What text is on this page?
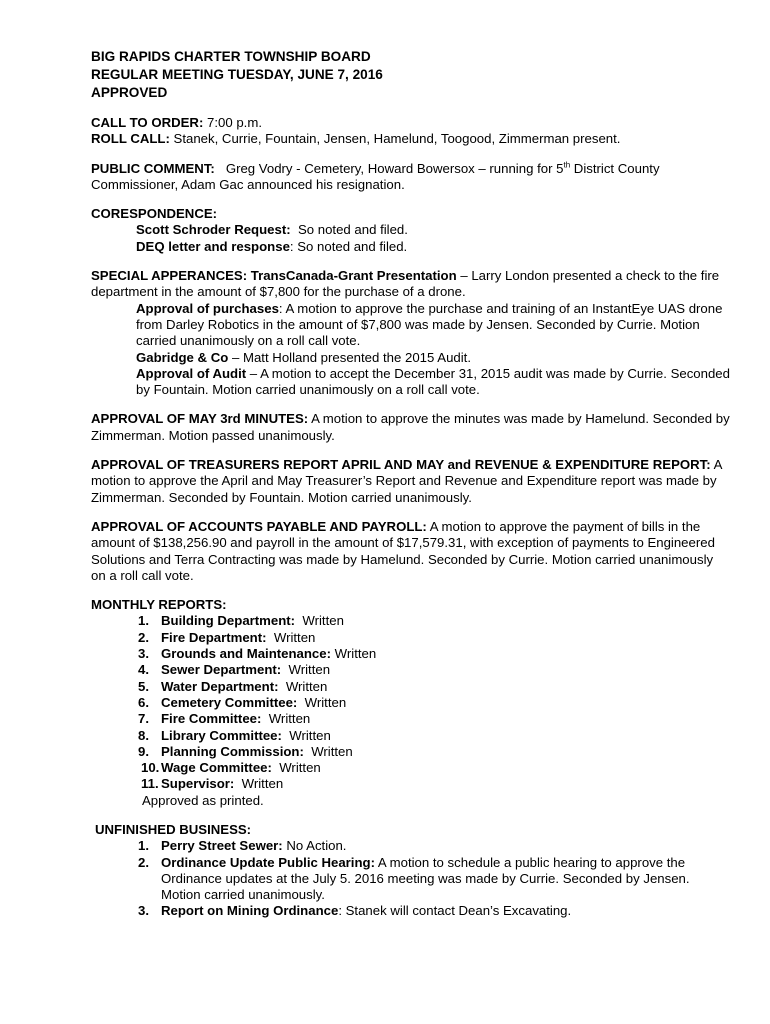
BIG RAPIDS CHARTER TOWNSHIP BOARD

REGULAR MEETING TUESDAY, JUNE 7, 2016

APPROVED

CALL TO ORDER: 7:00 p.m.

ROLL CALL: Stanek, Currie, Fountain, Jensen, Hamelund, Toogood, Zimmerman present.

PUBLIC COMMENT: Greg Vodry - Cemetery, Howard Bowersox – running for 5th District County Commissioner, Adam Gac announced his resignation.

CORESPONDENCE:

Scott Schroder Request: So noted and filed.

DEQ letter and response: So noted and filed.

SPECIAL APPERANCES: TransCanada-Grant Presentation – Larry London presented a check to the fire department in the amount of $7,800 for the purchase of a drone.

Approval of purchases: A motion to approve the purchase and training of an InstantEye UAS drone from Darley Robotics in the amount of $7,800 was made by Jensen. Seconded by Currie. Motion carried unanimously on a roll call vote.

Gabridge & Co – Matt Holland presented the 2015 Audit.

Approval of Audit – A motion to accept the December 31, 2015 audit was made by Currie. Seconded by Fountain. Motion carried unanimously on a roll call vote.

APPROVAL OF MAY 3rd MINUTES: A motion to approve the minutes was made by Hamelund. Seconded by Zimmerman. Motion passed unanimously.

APPROVAL OF TREASURERS REPORT APRIL AND MAY and REVENUE & EXPENDITURE REPORT: A motion to approve the April and May Treasurer’s Report and Revenue and Expenditure report was made by Zimmerman. Seconded by Fountain. Motion carried unanimously.

APPROVAL OF ACCOUNTS PAYABLE AND PAYROLL: A motion to approve the payment of bills in the amount of $138,256.90 and payroll in the amount of $17,579.31, with exception of payments to Engineered Solutions and Terra Contracting was made by Hamelund. Seconded by Currie. Motion carried unanimously on a roll call vote.

MONTHLY REPORTS:

1. Building Department: Written
2. Fire Department: Written
3. Grounds and Maintenance: Written
4. Sewer Department: Written
5. Water Department: Written
6. Cemetery Committee: Written
7. Fire Committee: Written
8. Library Committee: Written
9. Planning Commission: Written
10. Wage Committee: Written
11. Supervisor: Written

Approved as printed.

UNFINISHED BUSINESS:

1. Perry Street Sewer: No Action.
2. Ordinance Update Public Hearing: A motion to schedule a public hearing to approve the Ordinance updates at the July 5. 2016 meeting was made by Currie. Seconded by Jensen. Motion carried unanimously.
3. Report on Mining Ordinance: Stanek will contact Dean’s Excavating.
